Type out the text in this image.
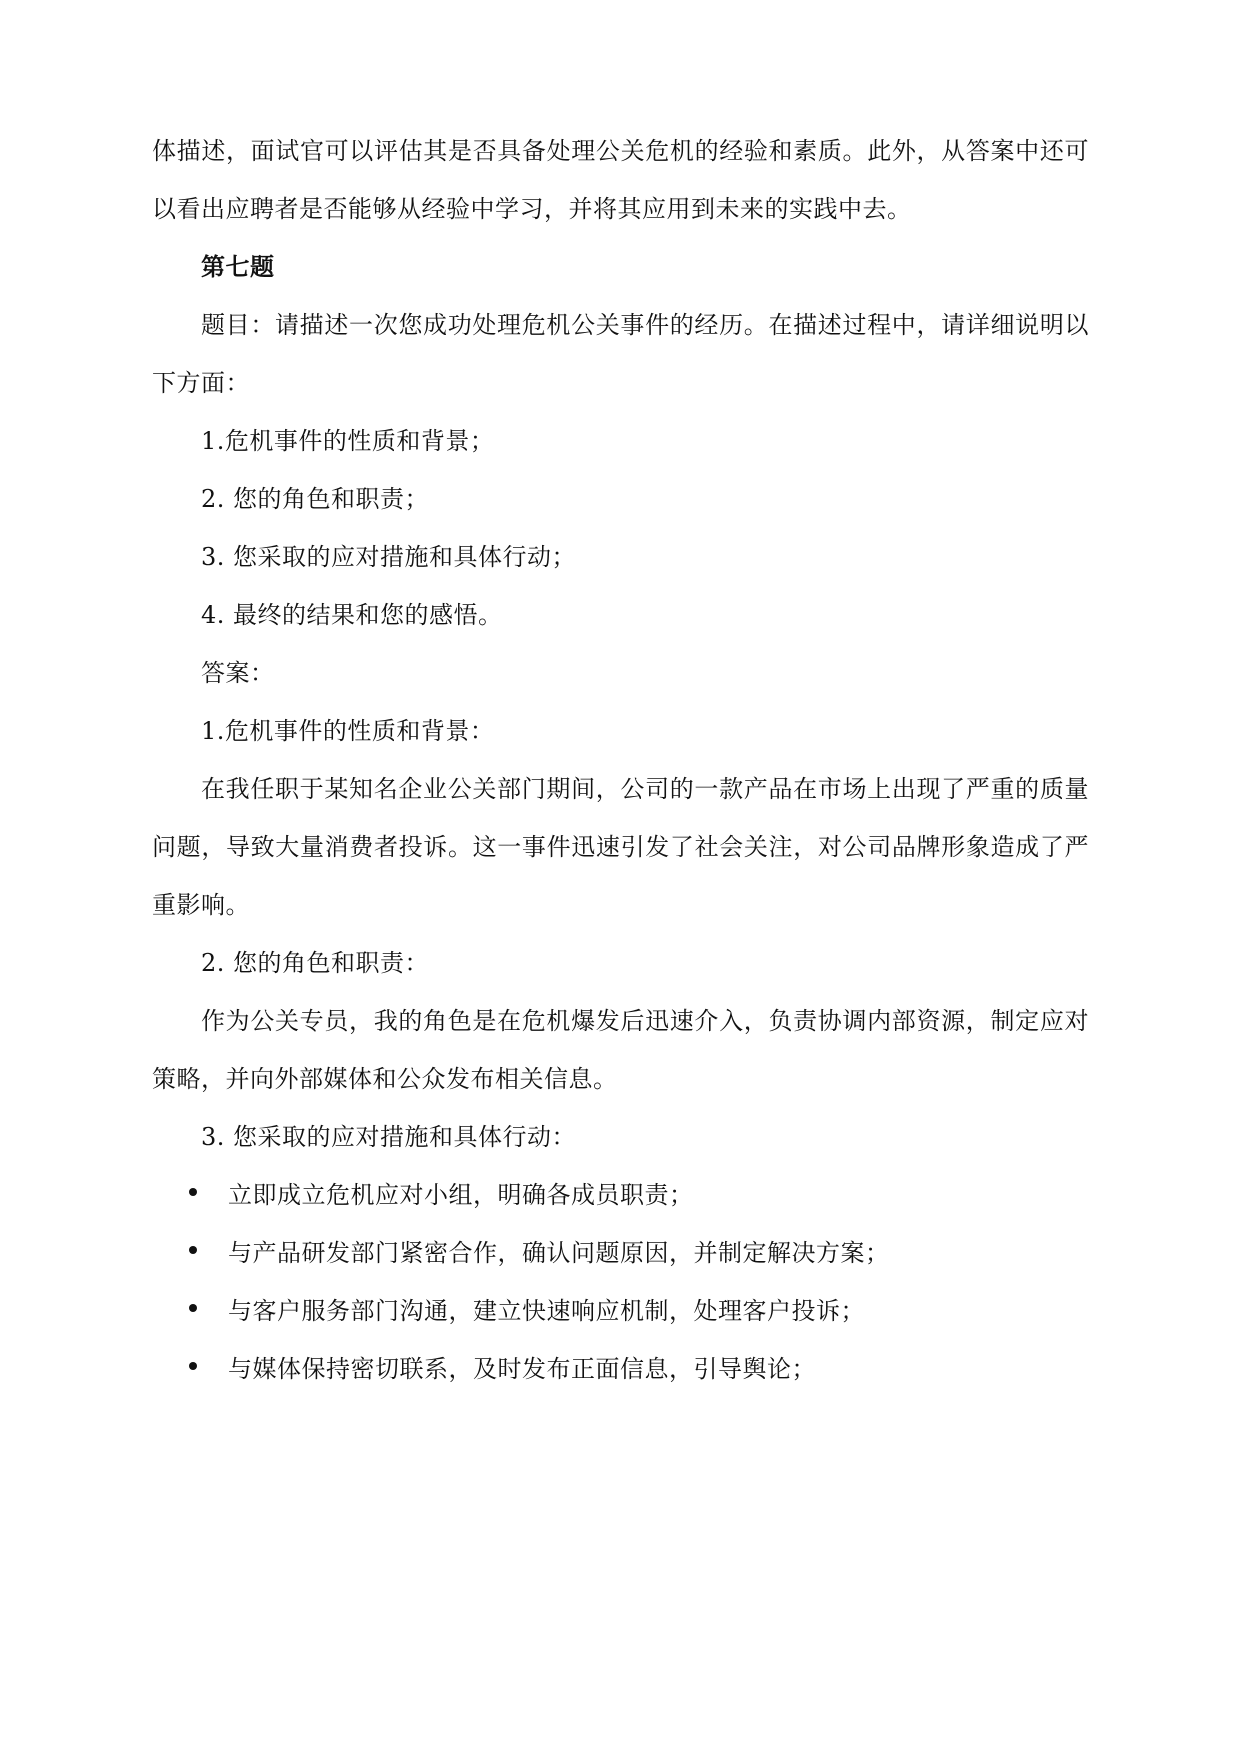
体描述，面试官可以评估其是否具备处理公关危机的经验和素质。此外，从答案中还可
以看出应聘者是否能够从经验中学习，并将其应用到未来的实践中去。
第七题
题目：请描述一次您成功处理危机公关事件的经历。在描述过程中，请详细说明以
下方面：
1.危机事件的性质和背景；
2. 您的角色和职责；
3. 您采取的应对措施和具体行动；
4. 最终的结果和您的感悟。
答案：
1.危机事件的性质和背景：
在我任职于某知名企业公关部门期间，公司的一款产品在市场上出现了严重的质量
问题，导致大量消费者投诉。这一事件迅速引发了社会关注，对公司品牌形象造成了严
重影响。
2. 您的角色和职责：
作为公关专员，我的角色是在危机爆发后迅速介入，负责协调内部资源，制定应对
策略，并向外部媒体和公众发布相关信息。
3. 您采取的应对措施和具体行动：
立即成立危机应对小组，明确各成员职责；
与产品研发部门紧密合作，确认问题原因，并制定解决方案；
与客户服务部门沟通，建立快速响应机制，处理客户投诉；
与媒体保持密切联系，及时发布正面信息，引导舆论；
